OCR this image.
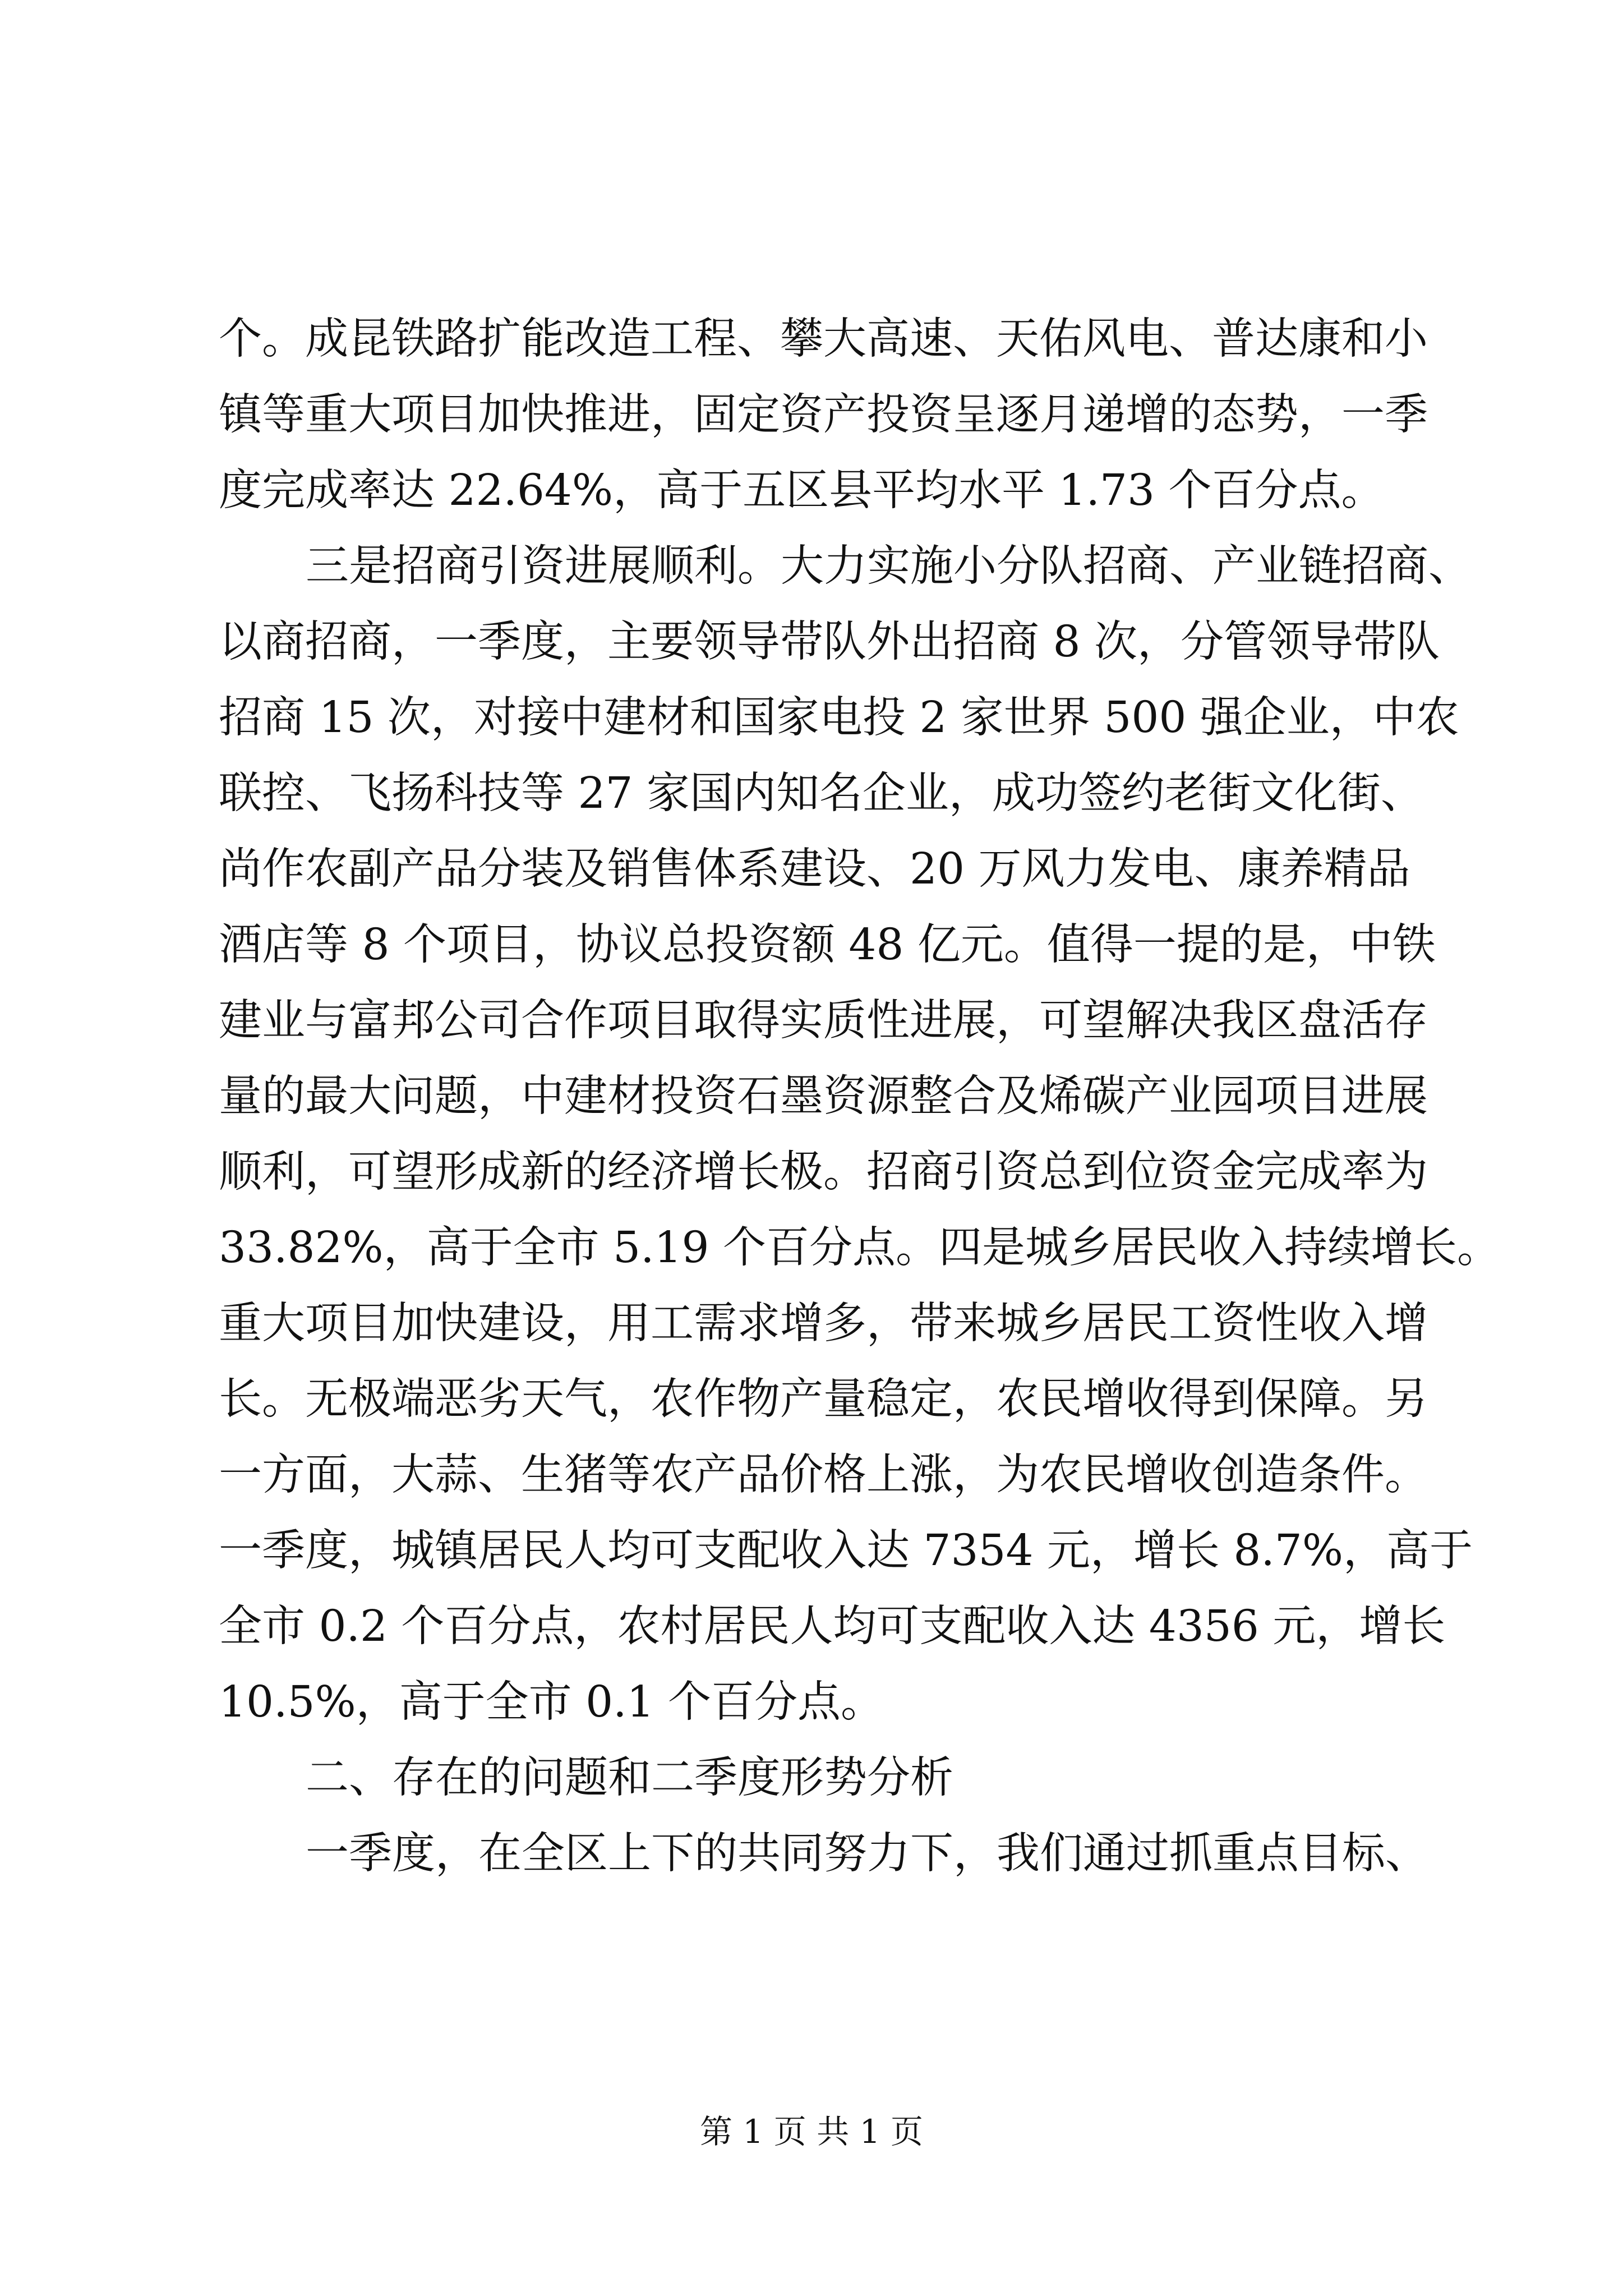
个。成昆铁路扩能改造工程、攀大高速、天佑风电、普达康和小
镇等重大项目加快推进，固定资产投资呈逐月递增的态势，一季
度完成率达 22.64%，高于五区县平均水平 1.73 个百分点。
三是招商引资进展顺利。大力实施小分队招商、产业链招商、
以商招商，一季度，主要领导带队外出招商 8 次，分管领导带队
招商 15 次，对接中建材和国家电投 2 家世界 500 强企业，中农
联控、飞扬科技等 27 家国内知名企业，成功签约老街文化街、
尚作农副产品分装及销售体系建设、20 万风力发电、康养精品
酒店等 8 个项目，协议总投资额 48 亿元。值得一提的是，中铁
建业与富邦公司合作项目取得实质性进展，可望解决我区盘活存
量的最大问题，中建材投资石墨资源整合及烯碳产业园项目进展
顺利，可望形成新的经济增长极。招商引资总到位资金完成率为
33.82%，高于全市 5.19 个百分点。四是城乡居民收入持续增长。
重大项目加快建设，用工需求增多，带来城乡居民工资性收入增
长。无极端恶劣天气，农作物产量稳定，农民增收得到保障。另
一方面，大蒜、生猪等农产品价格上涨，为农民增收创造条件。
一季度，城镇居民人均可支配收入达 7354 元，增长 8.7%，高于
全市 0.2 个百分点，农村居民人均可支配收入达 4356 元，增长
10.5%，高于全市 0.1 个百分点。
二、存在的问题和二季度形势分析
一季度，在全区上下的共同努力下，我们通过抓重点目标、
第 1 页 共 1 页
